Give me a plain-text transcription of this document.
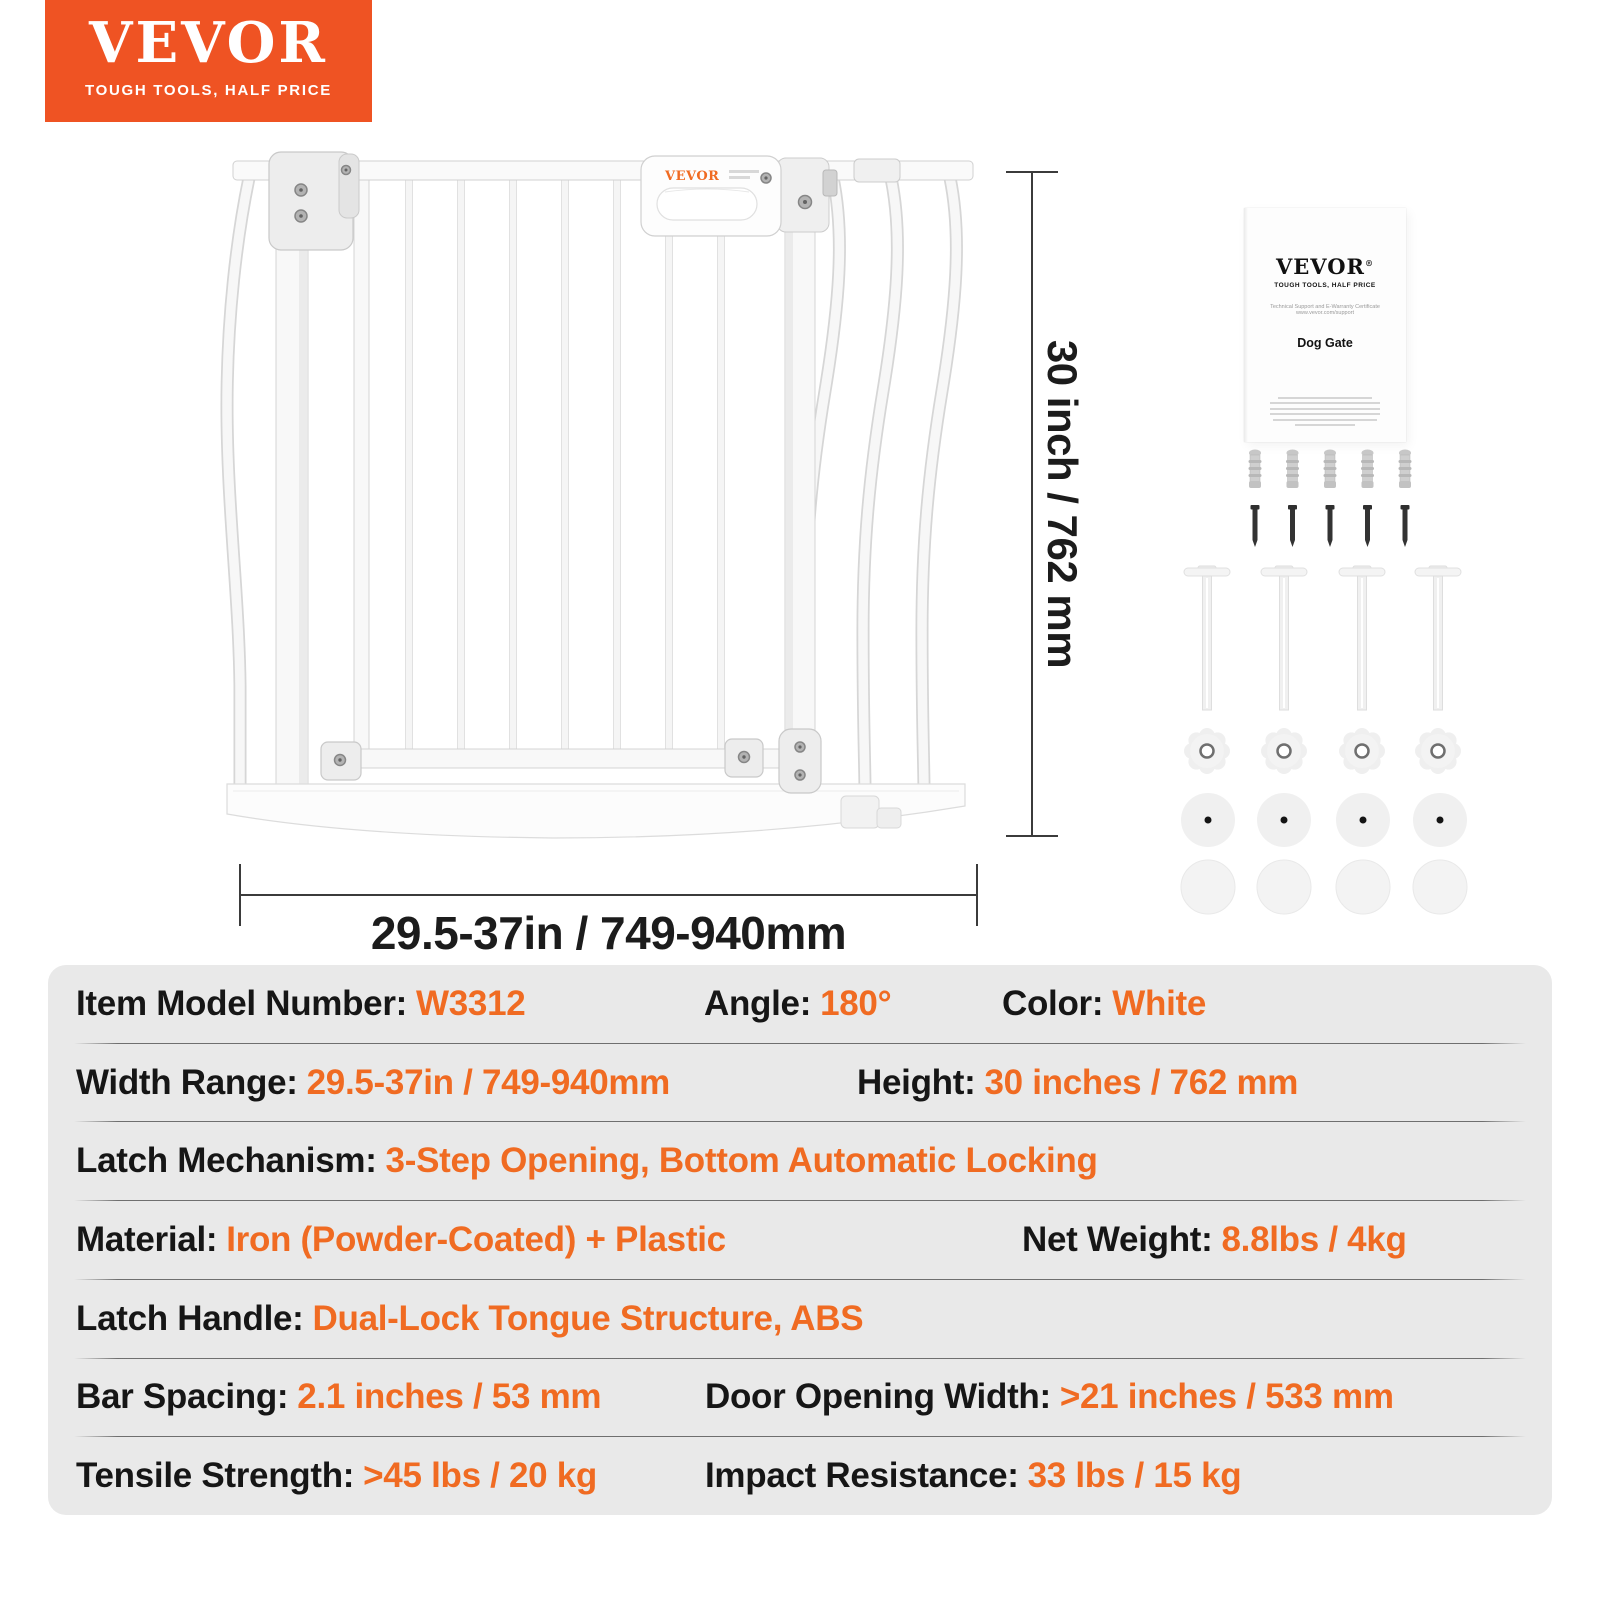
VEVOR
TOUGH TOOLS, HALF PRICE
VEVOR
30 inch / 762 mm
29.5-37in / 749-940mm
VEVOR®
TOUGH TOOLS, HALF PRICE
Technical Support and E-Warranty Certificate www.vevor.com/support
Dog Gate
Item Model Number: W3312	Angle: 180°	Color: White
Width Range: 29.5-37in / 749-940mm	Height: 30 inches / 762 mm
Latch Mechanism: 3-Step Opening, Bottom Automatic Locking
Material: Iron (Powder-Coated) + Plastic	Net Weight: 8.8lbs / 4kg
Latch Handle: Dual-Lock Tongue Structure, ABS
Bar Spacing: 2.1 inches / 53 mm	Door Opening Width: >21 inches / 533 mm
Tensile Strength: >45 lbs / 20 kg	Impact Resistance: 33 lbs / 15 kg
